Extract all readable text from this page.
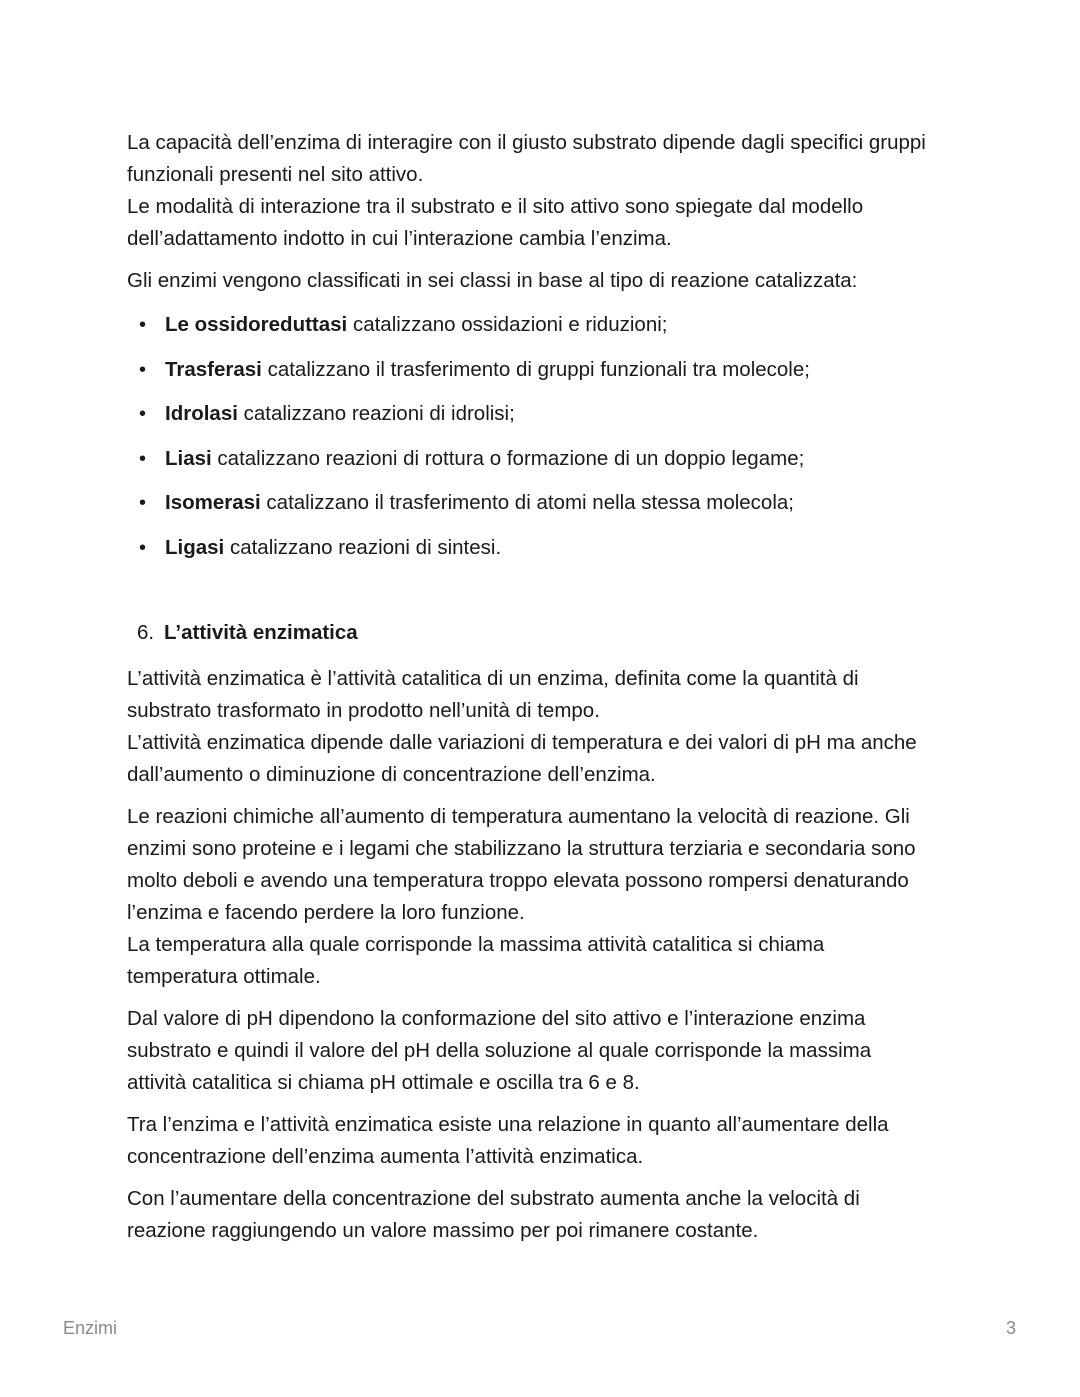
La capacità dell’enzima di interagire con il giusto substrato dipende dagli specifici gruppi
funzionali presenti nel sito attivo.
Le modalità di interazione tra il substrato e il sito attivo sono spiegate dal modello
dell’adattamento indotto in cui l’interazione cambia l’enzima.

Gli enzimi vengono classificati in sei classi in base al tipo di reazione catalizzata:

• Le ossidoreduttasi catalizzano ossidazioni e riduzioni;
• Trasferasi catalizzano il trasferimento di gruppi funzionali tra molecole;
• Idrolasi catalizzano reazioni di idrolisi;
• Liasi catalizzano reazioni di rottura o formazione di un doppio legame;
• Isomerasi catalizzano il trasferimento di atomi nella stessa molecola;
• Ligasi catalizzano reazioni di sintesi.
6. L’attività enzimatica

L’attività enzimatica è l’attività catalitica di un enzima, definita come la quantità di
substrato trasformato in prodotto nell’unità di tempo.
L’attività enzimatica dipende dalle variazioni di temperatura e dei valori di pH ma anche
dall’aumento o diminuzione di concentrazione dell’enzima.

Le reazioni chimiche all’aumento di temperatura aumentano la velocità di reazione. Gli
enzimi sono proteine e i legami che stabilizzano la struttura terziaria e secondaria sono
molto deboli e avendo una temperatura troppo elevata possono rompersi denaturando
l’enzima e facendo perdere la loro funzione.
La temperatura alla quale corrisponde la massima attività catalitica si chiama
temperatura ottimale.

Dal valore di pH dipendono la conformazione del sito attivo e l’interazione enzima
substrato e quindi il valore del pH della soluzione al quale corrisponde la massima
attività catalitica si chiama pH ottimale e oscilla tra 6 e 8.

Tra l’enzima e l’attività enzimatica esiste una relazione in quanto all’aumentare della
concentrazione dell’enzima aumenta l’attività enzimatica.

Con l’aumentare della concentrazione del substrato aumenta anche la velocità di
reazione raggiungendo un valore massimo per poi rimanere costante.

Enzimi	3
